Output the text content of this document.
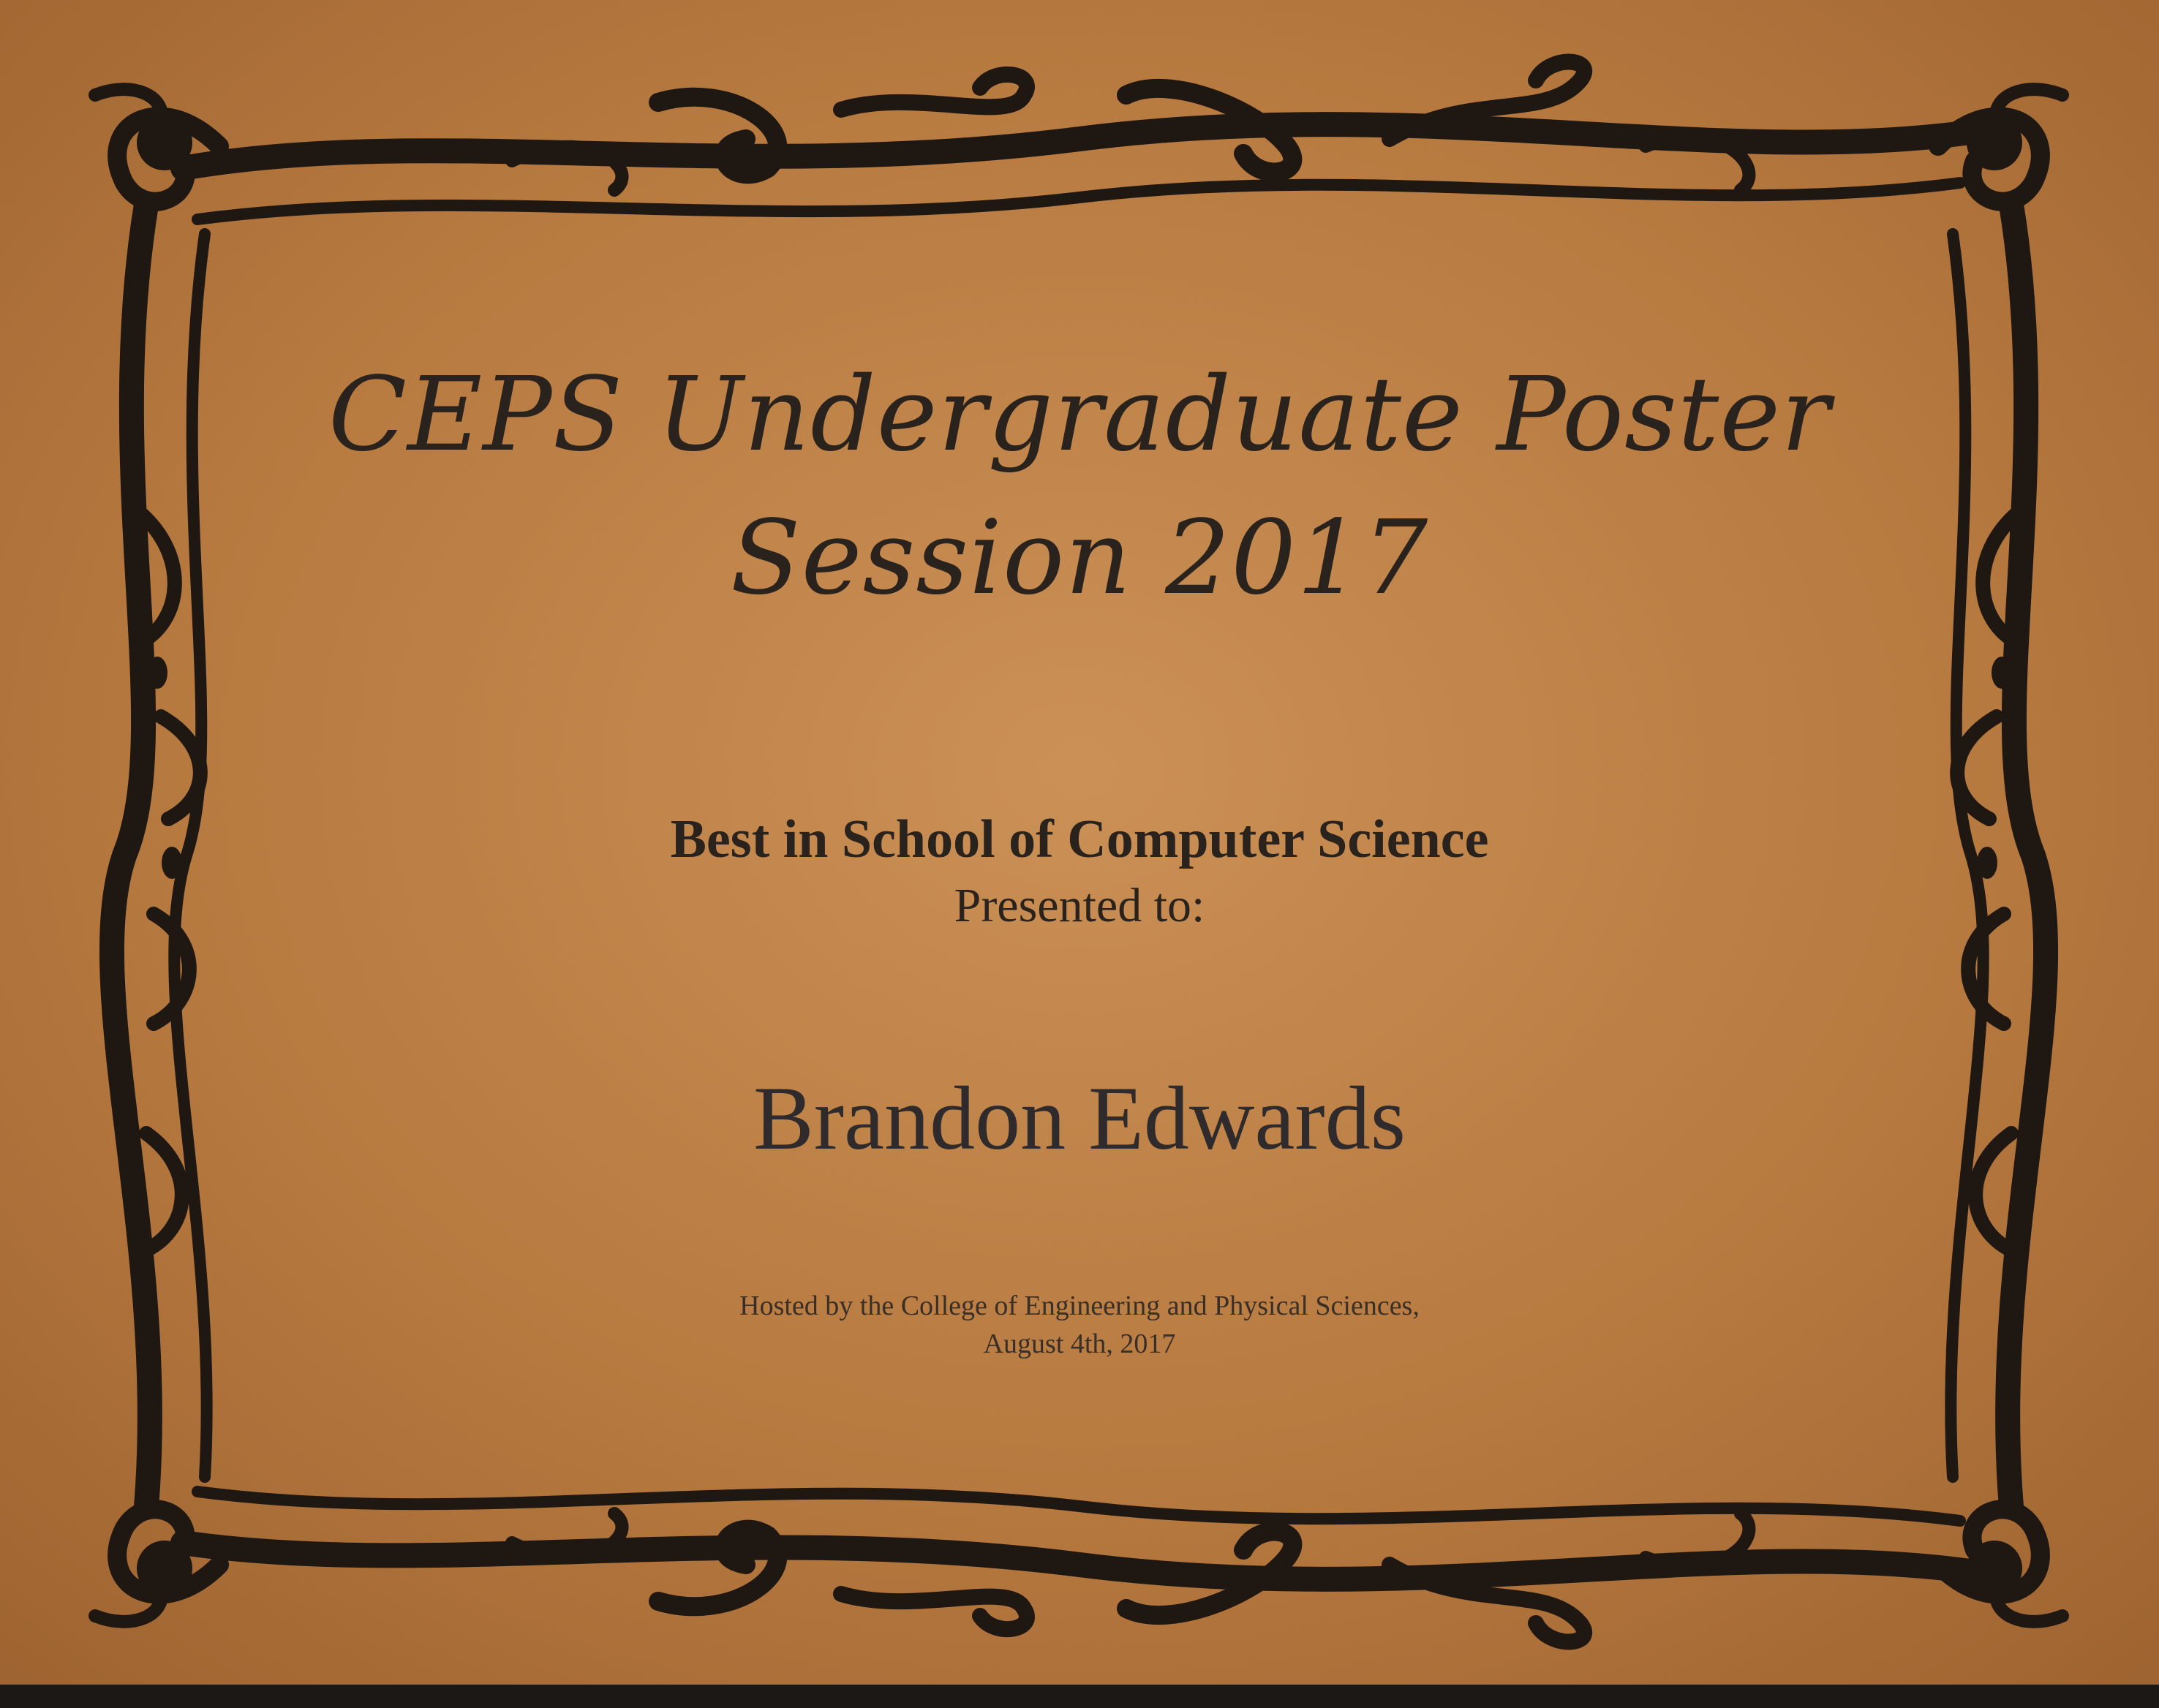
CEPS Undergraduate Poster
Session 2017
Best in School of Computer Science
Presented to:
Brandon Edwards
Hosted by the College of Engineering and Physical Sciences,
August 4th, 2017
